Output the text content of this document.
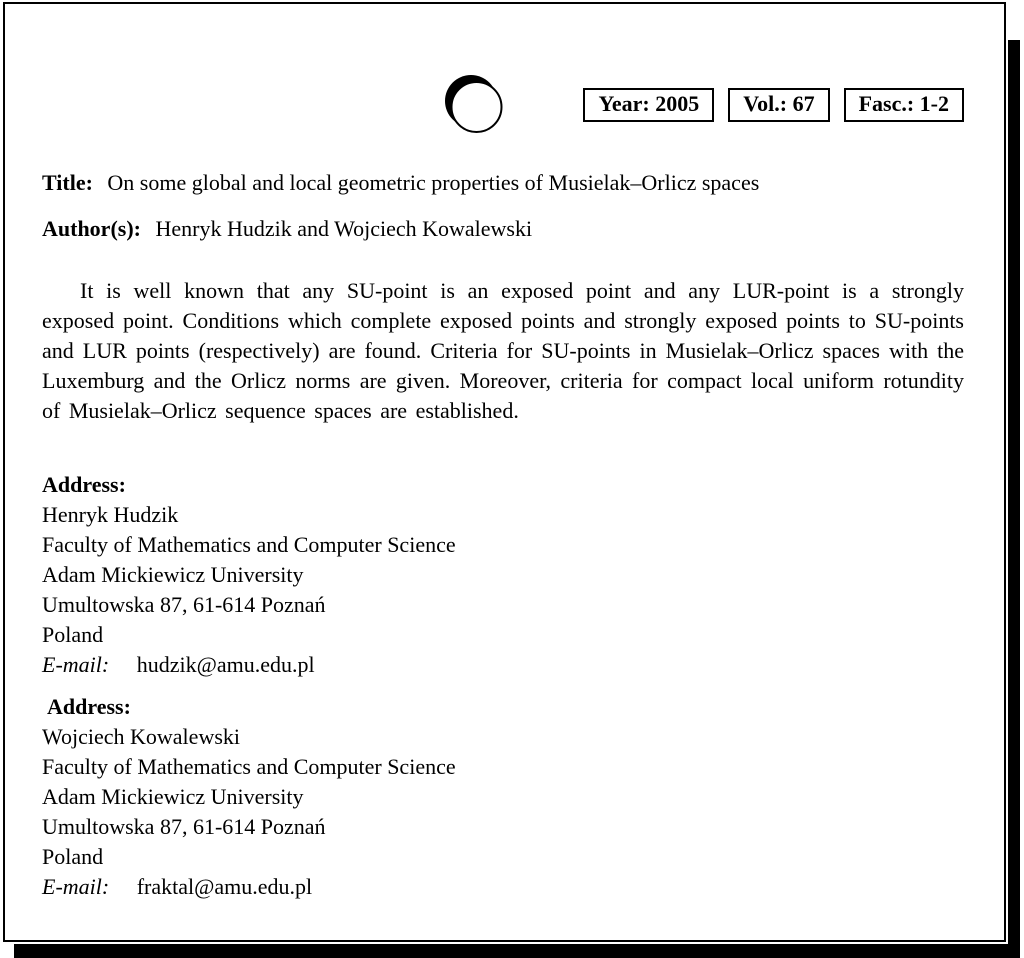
Year: 2005	Vol.: 67	Fasc.: 1-2
Title: On some global and local geometric properties of Musielak–Orlicz spaces
Author(s): Henryk Hudzik and Wojciech Kowalewski
It is well known that any SU-point is an exposed point and any LUR-point is a strongly exposed point. Conditions which complete exposed points and strongly exposed points to SU-points and LUR points (respectively) are found. Criteria for SU-points in Musielak–Orlicz spaces with the Luxemburg and the Orlicz norms are given. Moreover, criteria for compact local uniform rotundity of Musielak–Orlicz sequence spaces are established.
Address:
Henryk Hudzik
Faculty of Mathematics and Computer Science
Adam Mickiewicz University
Umultowska 87, 61-614 Poznań
Poland
E-mail: hudzik@amu.edu.pl
Address:
Wojciech Kowalewski
Faculty of Mathematics and Computer Science
Adam Mickiewicz University
Umultowska 87, 61-614 Poznań
Poland
E-mail: fraktal@amu.edu.pl
